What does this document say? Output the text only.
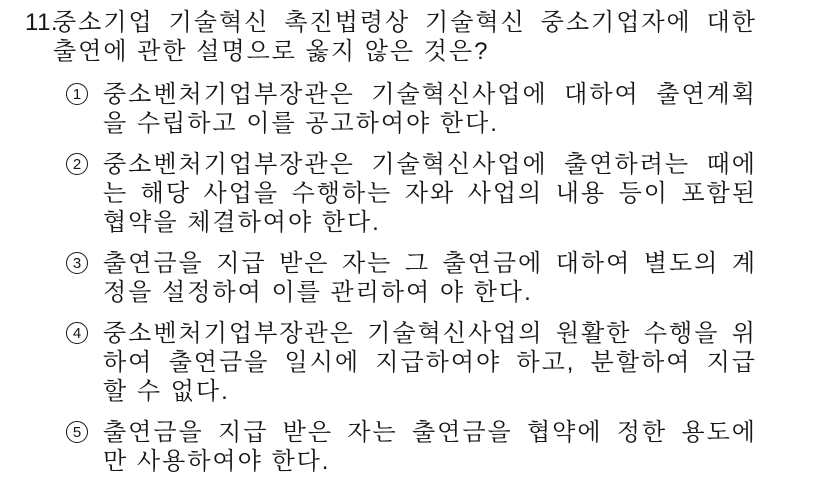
11.
중소기업 기술혁신 촉진법령상 기술혁신 중소기업자에 대한
출연에 관한 설명으로 옳지 않은 것은?
1 중소벤처기업부장관은 기술혁신사업에 대하여 출연계획
을 수립하고 이를 공고하여야 한다.
2 중소벤처기업부장관은 기술혁신사업에 출연하려는 때에
는 해당 사업을 수행하는 자와 사업의 내용 등이 포함된
협약을 체결하여야 한다.
3 출연금을 지급 받은 자는 그 출연금에 대하여 별도의 계
정을 설정하여 이를 관리하여 야 한다.
4 중소벤처기업부장관은 기술혁신사업의 원활한 수행을 위
하여 출연금을 일시에 지급하여야 하고, 분할하여 지급
할 수 없다.
5 출연금을 지급 받은 자는 출연금을 협약에 정한 용도에
만 사용하여야 한다.
